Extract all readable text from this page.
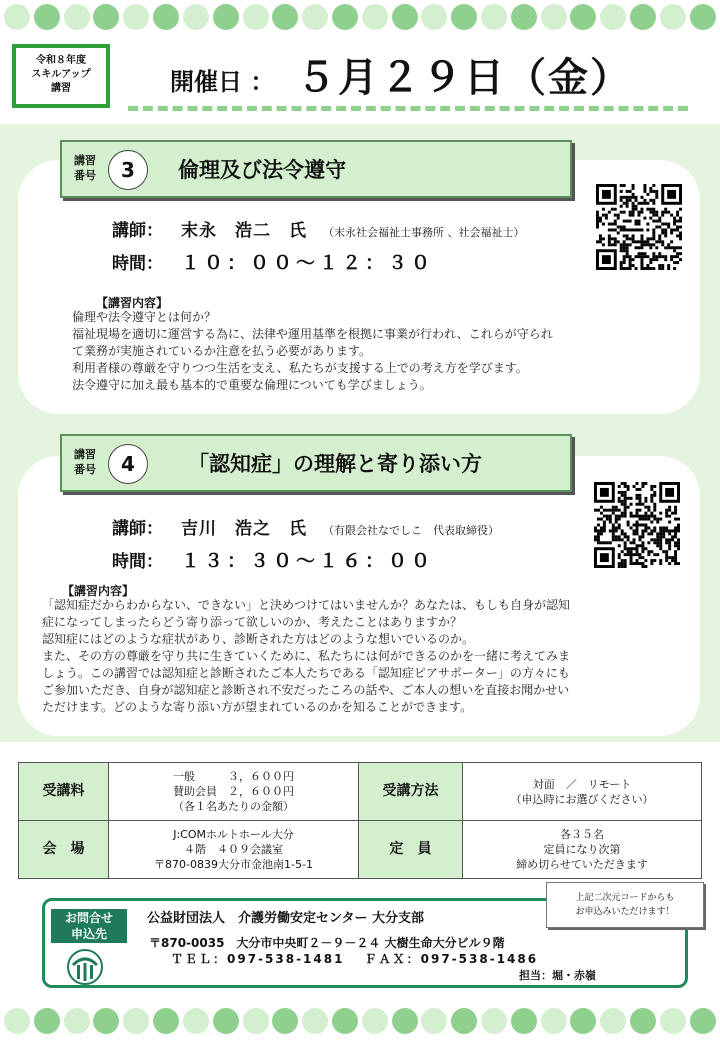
令和８年度
スキルアップ
講習	開催日 ： ５月２９日（金）
講習
番号	3	倫理及び法令遵守
講師： 末永　浩二　氏 （末永社会福祉士事務所 、社会福祉士）
時間： １０：００～１２：３０
【講習内容】

倫理や法令遵守とは何か？

福祉現場を適切に運営する為に、法律や運用基準を根拠に事業が行われ、これらが守られ

て業務が実施されているか注意を払う必要があります。

利用者様の尊厳を守りつつ生活を支え、私たちが支援する上での考え方を学びます。

法令遵守に加え最も基本的で重要な倫理についても学びましょう。

講習
番号	4	「認知症」の理解と寄り添い方
講師： 吉川　浩之　氏 （有限会社なでしこ　代表取締役）
時間： １３：３０～１６：００
【講習内容】

「認知症だからわからない、できない」と決めつけてはいませんか？あなたは、もしも自身が認知

症になってしまったらどう寄り添って欲しいのか、考えたことはありますか？

認知症にはどのような症状があり、診断された方はどのような想いでいるのか。

また、その方の尊厳を守り共に生きていくために、私たちには何ができるのかを一緒に考えてみま

しょう。この講習では認知症と診断されたご本人たちである「認知症ピアサポーター」の方々にも

ご参加いただき、自身が認知症と診断され不安だったころの話や、ご本人の想いを直接お聞かせい

ただけます。どのような寄り添い方が望まれているのかを知ることができます。

受講料	一般　　　３，６００円
賛助会員　２，６００円
（各１名あたりの金額）	受講方法	対面　／　リモート
（申込時にお選びください）
会　場	J:COMホルトホール大分
４階　４０９会議室
〒870-0839大分市金池南1-5-1	定　員	各３５名
定員になり次第
締め切らせていただきます
お問合せ
申込先
公益財団法人　介護労働安定センター 大分支部
〒870-0035　大分市中央町２－９－２４ 大樹生命大分ビル９階
ＴＥＬ：097-538-1481　 ＦＡＸ：097-538-1486
担当：堀・赤嶺
上記二次元コードからも
お申込みいただけます！
